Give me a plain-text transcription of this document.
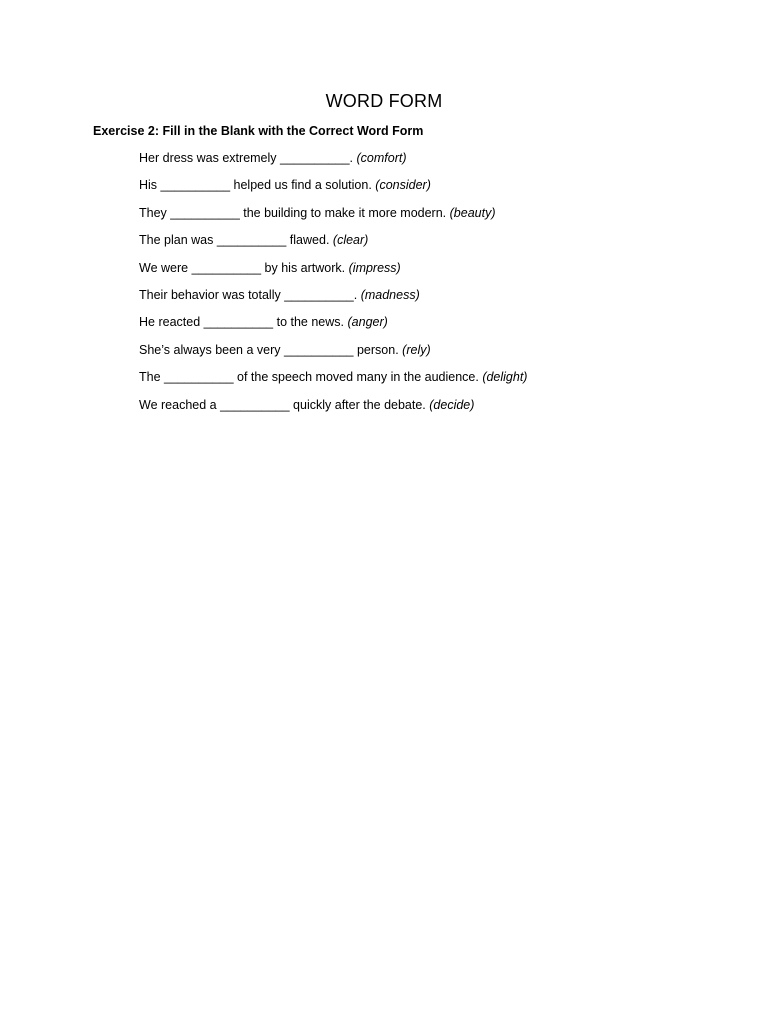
WORD FORM
Exercise 2: Fill in the Blank with the Correct Word Form
Her dress was extremely __________. (comfort)
His __________ helped us find a solution. (consider)
They __________ the building to make it more modern. (beauty)
The plan was __________ flawed. (clear)
We were __________ by his artwork. (impress)
Their behavior was totally __________. (madness)
He reacted __________ to the news. (anger)
She’s always been a very __________ person. (rely)
The __________ of the speech moved many in the audience. (delight)
We reached a __________ quickly after the debate. (decide)
